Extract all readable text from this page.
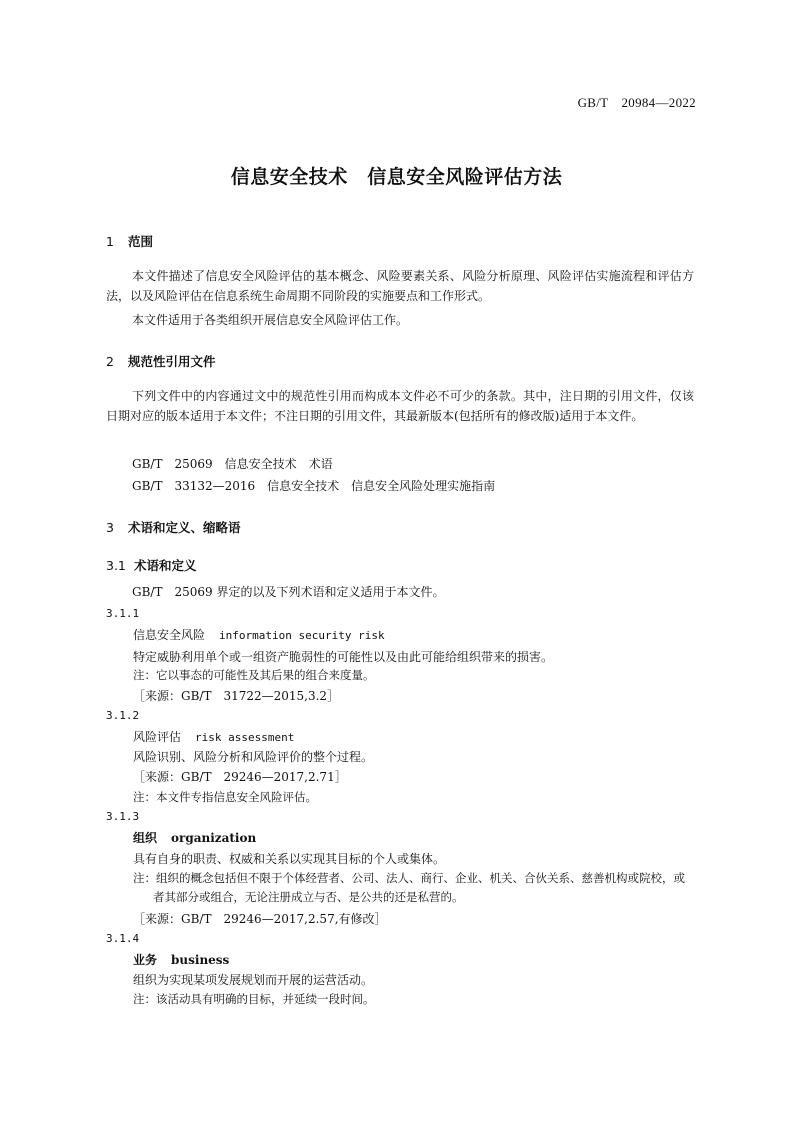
GB/T　20984—2022
信息安全技术　信息安全风险评估方法
1 范围
本文件描述了信息安全风险评估的基本概念、风险要素关系、风险分析原理、风险评估实施流程和评估方法，以及风险评估在信息系统生命周期不同阶段的实施要点和工作形式。
本文件适用于各类组织开展信息安全风险评估工作。
2 规范性引用文件
下列文件中的内容通过文中的规范性引用而构成本文件必不可少的条款。其中，注日期的引用文件，仅该日期对应的版本适用于本文件；不注日期的引用文件，其最新版本(包括所有的修改版)适用于本文件。
GB/T　25069　信息安全技术　术语
GB/T　33132—2016　信息安全技术　信息安全风险处理实施指南
3 术语和定义、缩略语
3.1 术语和定义
GB/T　25069 界定的以及下列术语和定义适用于本文件。
3.1.1
信息安全风险 information security risk
特定威胁利用单个或一组资产脆弱性的可能性以及由此可能给组织带来的损害。
注：它以事态的可能性及其后果的组合来度量。
［来源：GB/T　31722—2015,3.2］
3.1.2
风险评估 risk assessment
风险识别、风险分析和风险评价的整个过程。
［来源：GB/T　29246—2017,2.71］
注：本文件专指信息安全风险评估。
3.1.3
组织 organization
具有自身的职责、权威和关系以实现其目标的个人或集体。
注：组织的概念包括但不限于个体经营者、公司、法人、商行、企业、机关、合伙关系、慈善机构或院校，或者其部分或组合，无论注册成立与否、是公共的还是私营的。
［来源：GB/T　29246—2017,2.57,有修改］
3.1.4
业务 business
组织为实现某项发展规划而开展的运营活动。
注：该活动具有明确的目标，并延续一段时间。
